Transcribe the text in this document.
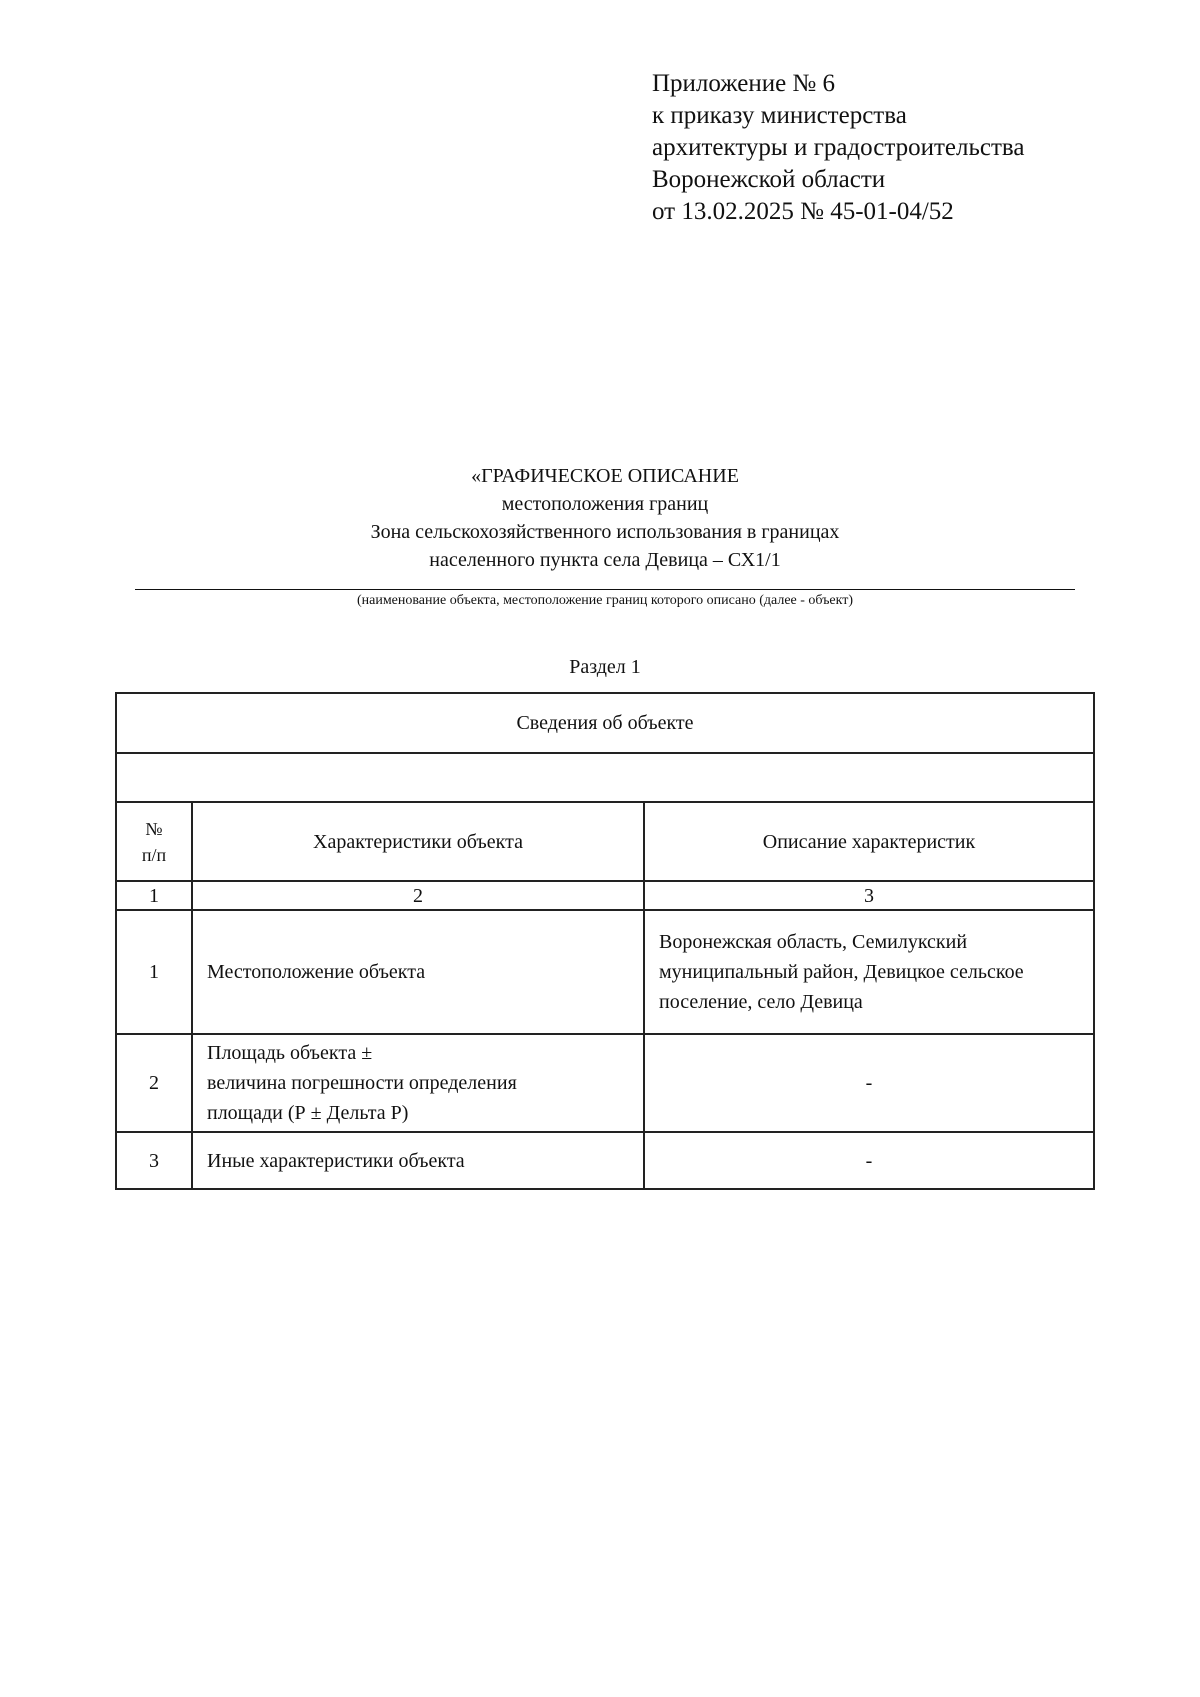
Приложение № 6
к приказу министерства
архитектуры и градостроительства
Воронежской области
от 13.02.2025 № 45-01-04/52
«ГРАФИЧЕСКОЕ ОПИСАНИЕ
местоположения границ
Зона сельскохозяйственного использования в границах
населенного пункта села Девица – СХ1/1
(наименование объекта, местоположение границ которого описано (далее - объект)
Раздел 1
Сведения об объекте		

№
п/п	Характеристики объекта	Описание характеристик
1	2	3
1	Местоположение объекта	Воронежская область, Семилукский муниципальный район, Девицкое сельское поселение, село Девица
2	Площадь объекта ±
величина погрешности определения
площади (Р ± Дельта Р)	-
3	Иные характеристики объекта	-
